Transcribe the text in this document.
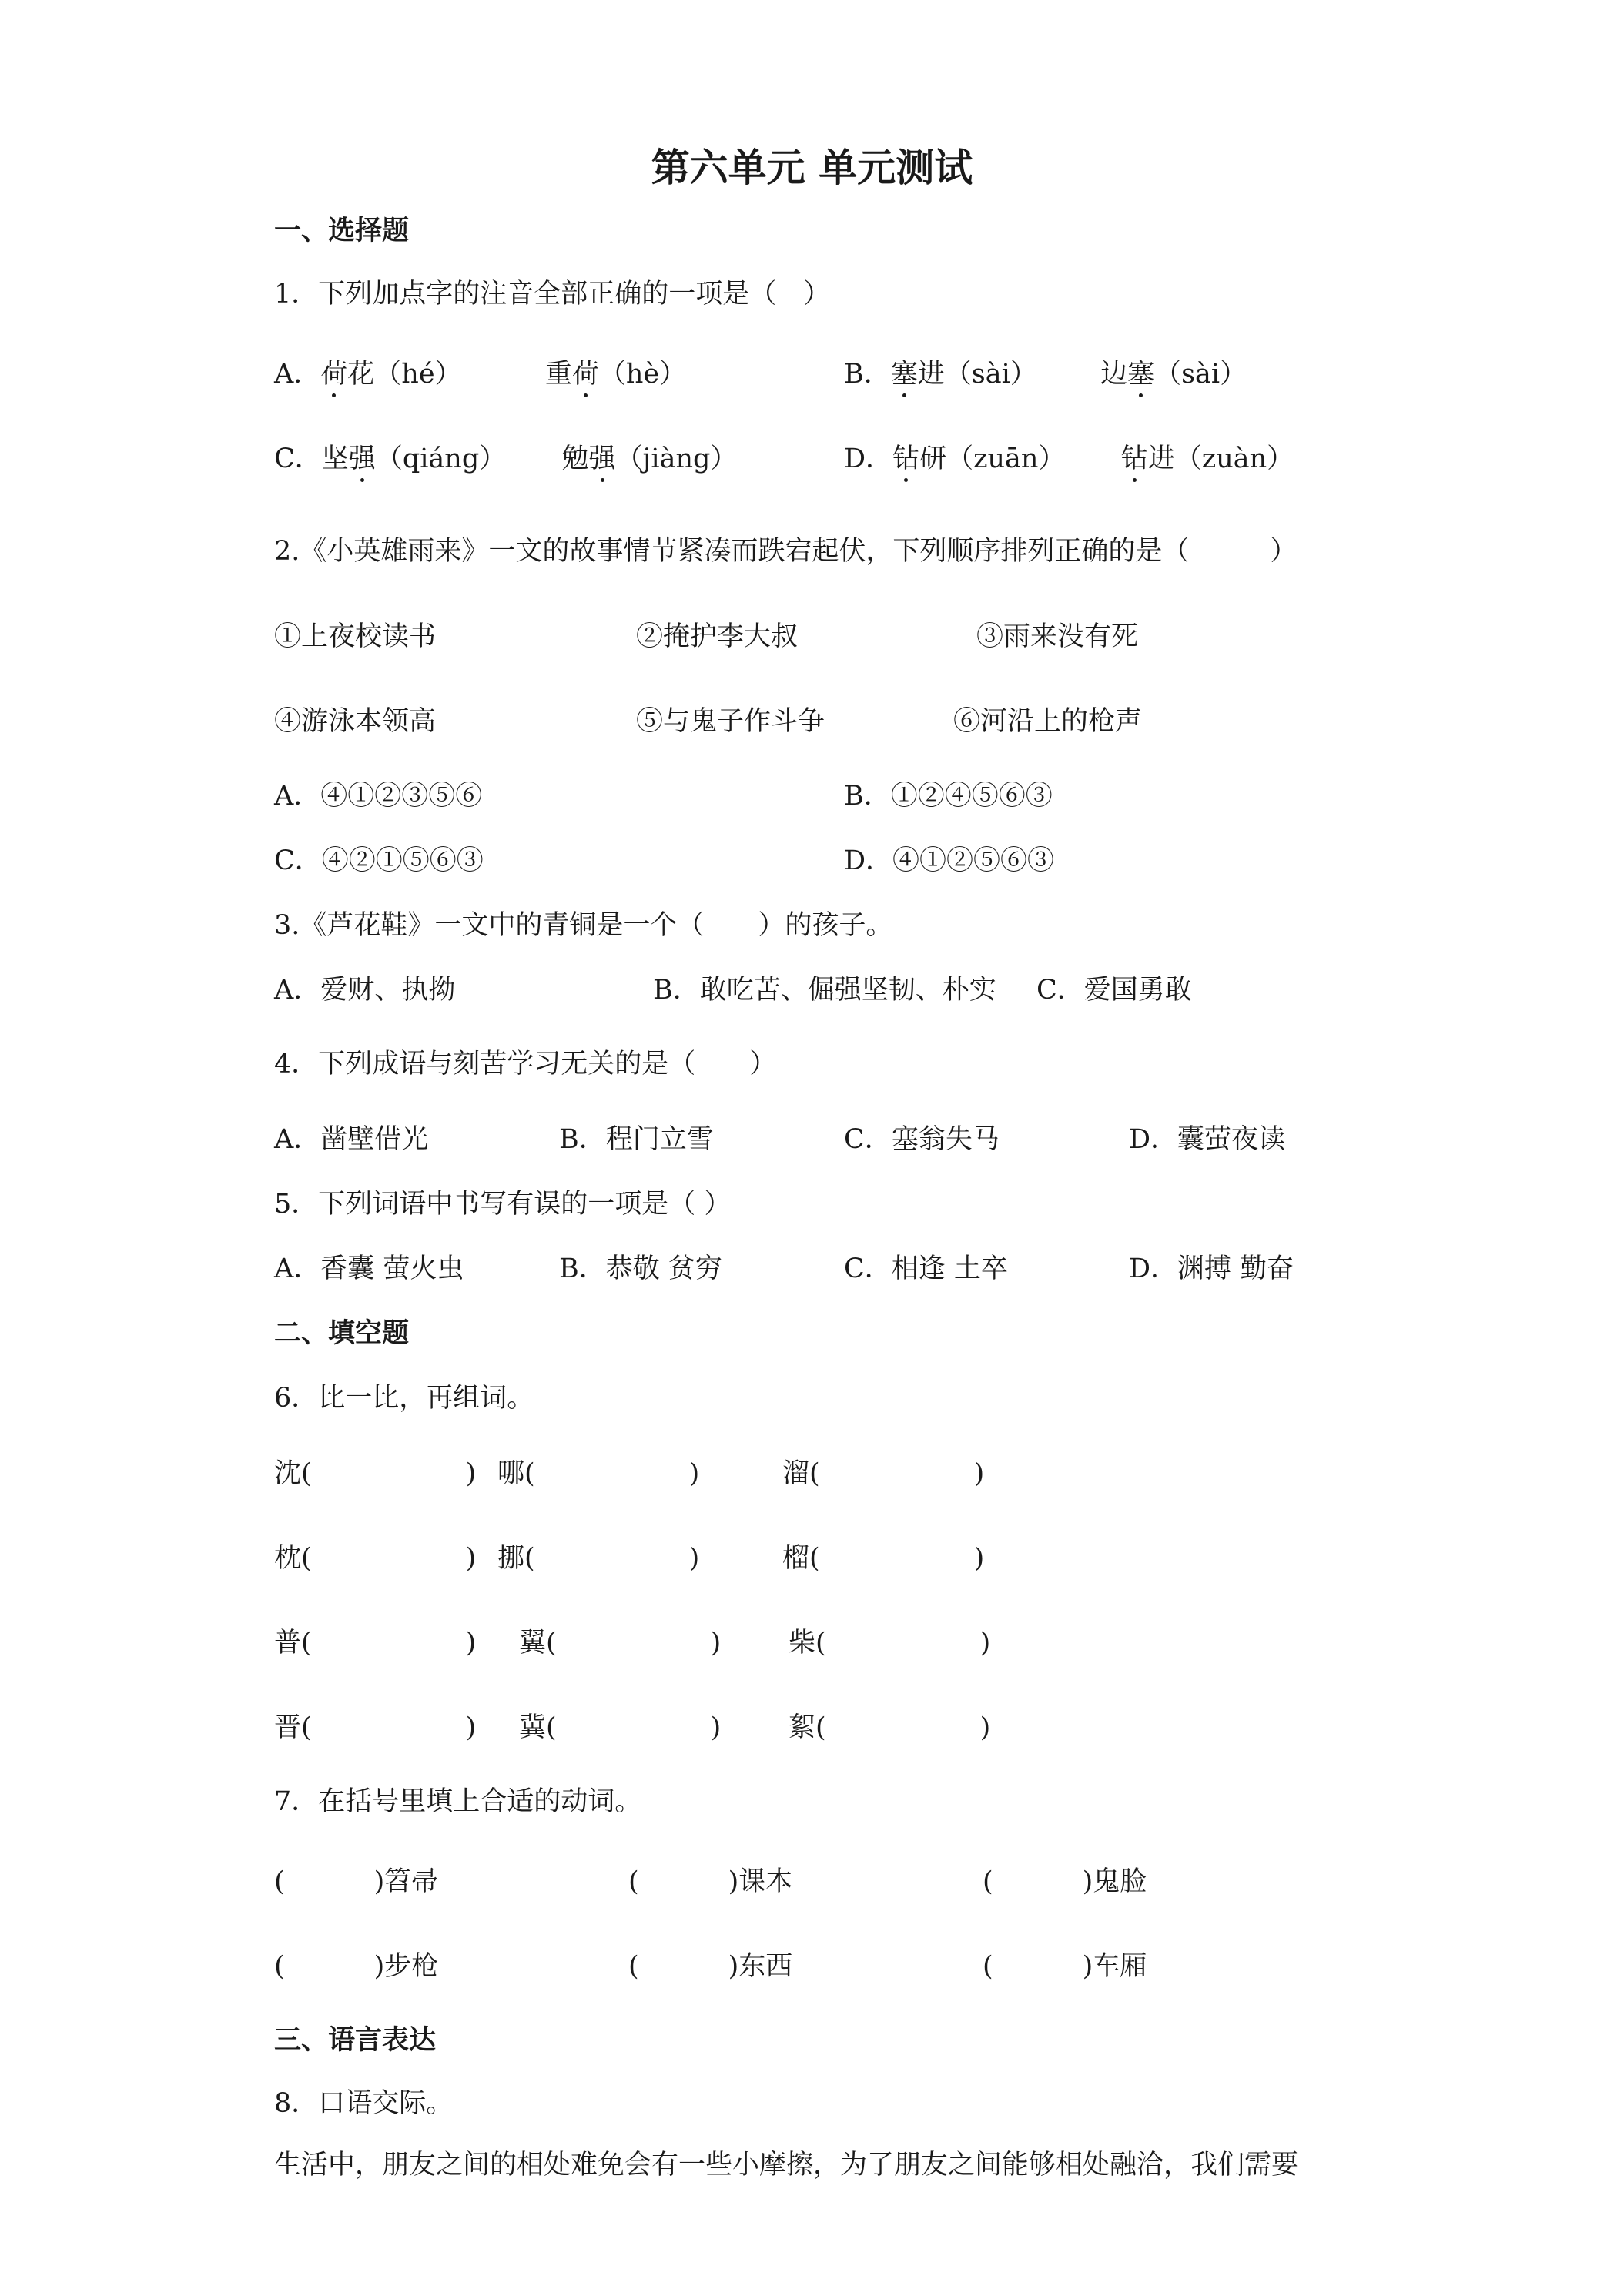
第六单元 单元测试
一、选择题
1．下列加点字的注音全部正确的一项是（　）
A．荷花（hé）	重荷（hè）	B．塞进（sài） 边塞（sài）
C．坚强（qiáng） 勉强（jiàng）	D．钻研（zuān） 钻进（zuàn）
2.《小英雄雨来》一文的故事情节紧凑而跌宕起伏，下列顺序排列正确的是（　　　）
①上夜校读书	②掩护李大叔	③雨来没有死
④游泳本领高	⑤与鬼子作斗争	⑥河沿上的枪声
A．④①②③⑤⑥	B．①②④⑤⑥③
C．④②①⑤⑥③	D．④①②⑤⑥③
3.《芦花鞋》一文中的青铜是一个（　　）的孩子。
A．爱财、执拗	B．敢吃苦、倔强坚韧、朴实 C．爱国勇敢
4．下列成语与刻苦学习无关的是（　　）
A．凿壁借光	B．程门立雪	C．塞翁失马	D．囊萤夜读
5．下列词语中书写有误的一项是（ ）
A．香囊 萤火虫	B．恭敬 贫穷	C．相逢 土卒	D．渊搏 勤奋
二、填空题
6．比一比，再组词。
沈(	) 哪(	)	溜(	)
枕(	) 挪(	)	榴(	)
普(	) 翼(	)	柴(	)
晋(	) 冀(	)	絮(	)
7．在括号里填上合适的动词。
(	)笤帚	(	)课本	(	)鬼脸
(	)步枪	(	)东西	(	)车厢
三、语言表达
8．口语交际。
生活中，朋友之间的相处难免会有一些小摩擦，为了朋友之间能够相处融洽，我们需要
